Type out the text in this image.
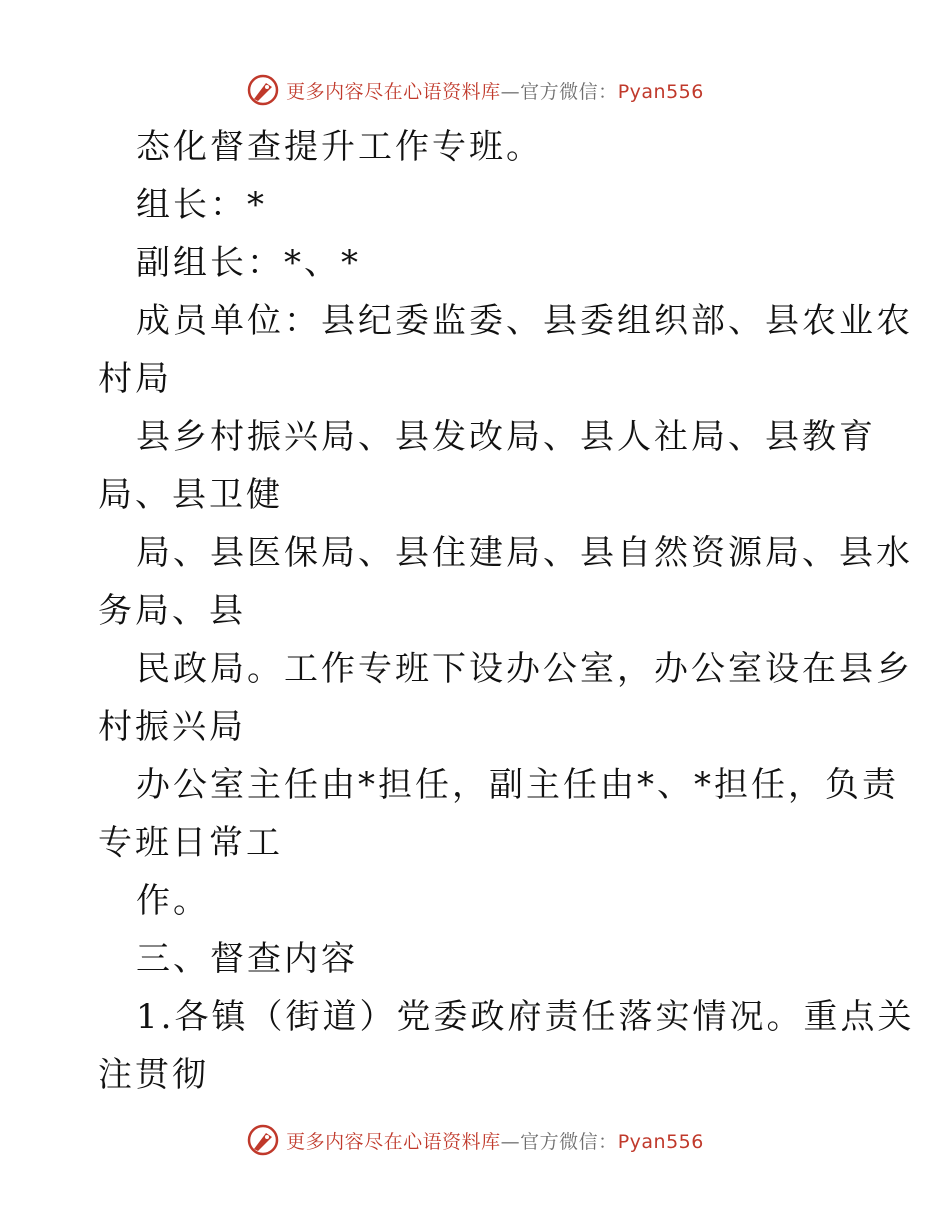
更多内容尽在心语资料库—官方微信：Pyan556
态化督查提升工作专班。
组长：*
副组长：*、*
成员单位：县纪委监委、县委组织部、县农业农
村局
县乡村振兴局、县发改局、县人社局、县教育
局、县卫健
局、县医保局、县住建局、县自然资源局、县水
务局、县
民政局。工作专班下设办公室，办公室设在县乡
村振兴局
办公室主任由*担任，副主任由*、*担任，负责
专班日常工
作。
三、督查内容
1.各镇（街道）党委政府责任落实情况。重点关
注贯彻
更多内容尽在心语资料库—官方微信：Pyan556
